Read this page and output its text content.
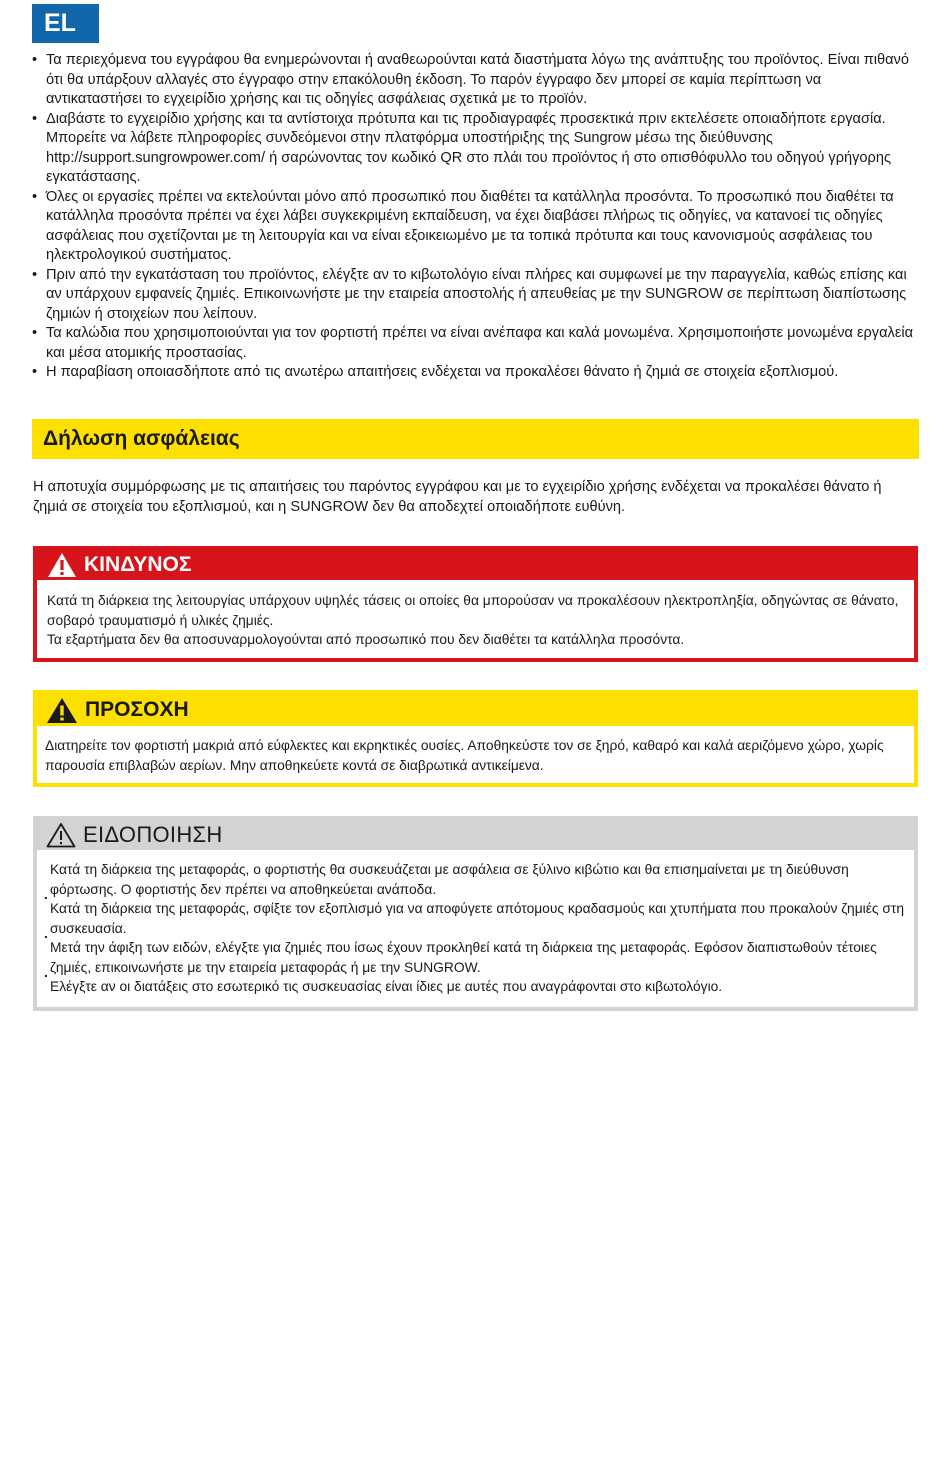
EL
• Τα περιεχόμενα του εγγράφου θα ενημερώνονται ή αναθεωρούνται κατά διαστήματα λόγω της ανάπτυξης του προϊόντος. Είναι πιθανό ότι θα υπάρξουν αλλαγές στο έγγραφο στην επακόλουθη έκδοση. Το παρόν έγγραφο δεν μπορεί σε καμία περίπτωση να αντικαταστήσει το εγχειρίδιο χρήσης και τις οδηγίες ασφάλειας σχετικά με το προϊόν.
• Διαβάστε το εγχειρίδιο χρήσης και τα αντίστοιχα πρότυπα και τις προδιαγραφές προσεκτικά πριν εκτελέσετε οποιαδήποτε εργασία. Μπορείτε να λάβετε πληροφορίες συνδεόμενοι στην πλατφόρμα υποστήριξης της Sungrow μέσω της διεύθυνσης http://support.sungrowpower.com/ ή σαρώνοντας τον κωδικό QR στο πλάι του προϊόντος ή στο οπισθόφυλλο του οδηγού γρήγορης εγκατάστασης.
• Όλες οι εργασίες πρέπει να εκτελούνται μόνο από προσωπικό που διαθέτει τα κατάλληλα προσόντα. Το προσωπικό που διαθέτει τα κατάλληλα προσόντα πρέπει να έχει λάβει συγκεκριμένη εκπαίδευση, να έχει διαβάσει πλήρως τις οδηγίες, να κατανοεί τις οδηγίες ασφάλειας που σχετίζονται με τη λειτουργία και να είναι εξοικειωμένο με τα τοπικά πρότυπα και τους κανονισμούς ασφάλειας του ηλεκτρολογικού συστήματος.
• Πριν από την εγκατάσταση του προϊόντος, ελέγξτε αν το κιβωτολόγιο είναι πλήρες και συμφωνεί με την παραγγελία, καθώς επίσης και αν υπάρχουν εμφανείς ζημιές. Επικοινωνήστε με την εταιρεία αποστολής ή απευθείας με την SUNGROW σε περίπτωση διαπίστωσης ζημιών ή στοιχείων που λείπουν.
• Τα καλώδια που χρησιμοποιούνται για τον φορτιστή πρέπει να είναι ανέπαφα και καλά μονωμένα. Χρησιμοποιήστε μονωμένα εργαλεία και μέσα ατομικής προστασίας.
• Η παραβίαση οποιασδήποτε από τις ανωτέρω απαιτήσεις ενδέχεται να προκαλέσει θάνατο ή ζημιά σε στοιχεία εξοπλισμού.
Δήλωση ασφάλειας
Η αποτυχία συμμόρφωσης με τις απαιτήσεις του παρόντος εγγράφου και με το εγχειρίδιο χρήσης ενδέχεται να προκαλέσει θάνατο ή ζημιά σε στοιχεία του εξοπλισμού, και η SUNGROW δεν θα αποδεχτεί οποιαδήποτε ευθύνη.
ΚΙΝΔΥΝΟΣ
Κατά τη διάρκεια της λειτουργίας υπάρχουν υψηλές τάσεις οι οποίες θα μπορούσαν να προκαλέσουν ηλεκτροπληξία, οδηγώντας σε θάνατο, σοβαρό τραυματισμό ή υλικές ζημιές.
Τα εξαρτήματα δεν θα αποσυναρμολογούνται από προσωπικό που δεν διαθέτει τα κατάλληλα προσόντα.
ΠΡΟΣΟΧΗ
Διατηρείτε τον φορτιστή μακριά από εύφλεκτες και εκρηκτικές ουσίες. Αποθηκεύστε τον σε ξηρό, καθαρό και καλά αεριζόμενο χώρο, χωρίς παρουσία επιβλαβών αερίων. Μην αποθηκεύετε κοντά σε διαβρωτικά αντικείμενα.
ΕΙΔΟΠΟΙΗΣΗ

. Κατά τη διάρκεια της μεταφοράς, ο φορτιστής θα συσκευάζεται με ασφάλεια σε ξύλινο κιβώτιο και θα επισημαίνεται με τη διεύθυνση φόρτωσης. Ο φορτιστής δεν πρέπει να αποθηκεύεται ανάποδα.

. Κατά τη διάρκεια της μεταφοράς, σφίξτε τον εξοπλισμό για να αποφύγετε απότομους κραδασμούς και χτυπήματα που προκαλούν ζημιές στη συσκευασία.

. Μετά την άφιξη των ειδών, ελέγξτε για ζημιές που ίσως έχουν προκληθεί κατά τη διάρκεια της μεταφοράς. Εφόσον διαπιστωθούν τέτοιες ζημιές, επικοινωνήστε με την εταιρεία μεταφοράς ή με την SUNGROW.

Ελέγξτε αν οι διατάξεις στο εσωτερικό τις συσκευασίας είναι ίδιες με αυτές που αναγράφονται στο κιβωτολόγιο.
